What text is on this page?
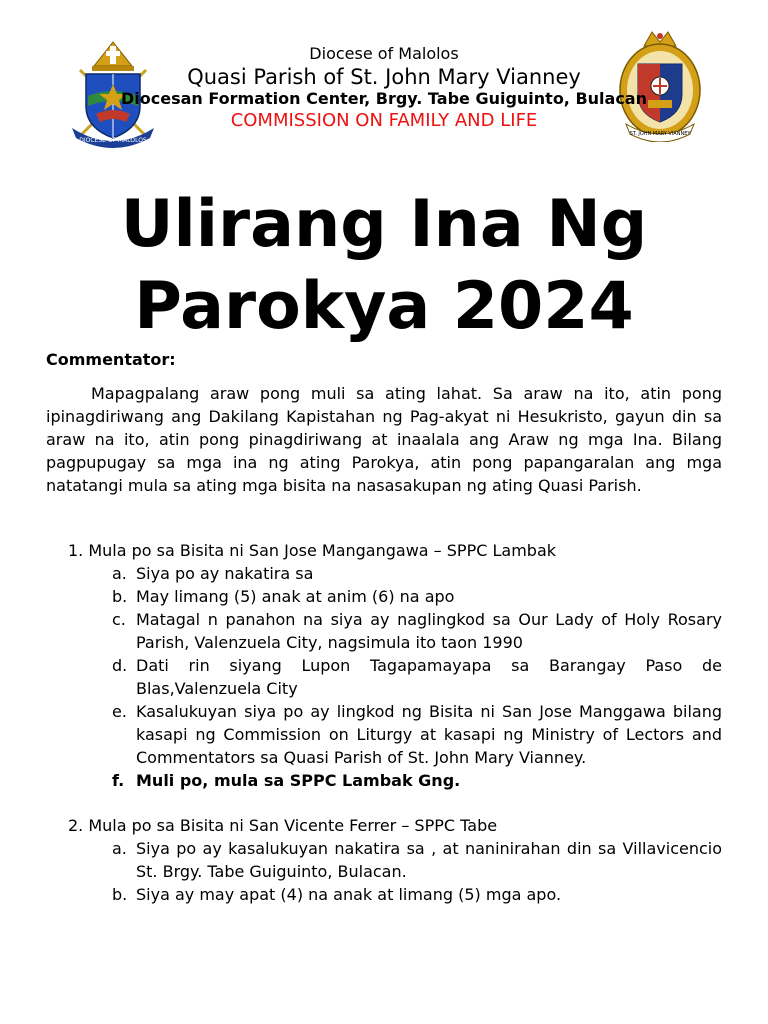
DIOCESE OF MALOLOS
ST. JOHN MARY VIANNEY
Diocese of Malolos
Quasi Parish of St. John Mary Vianney
Diocesan Formation Center, Brgy. Tabe Guiguinto, Bulacan
COMMISSION ON FAMILY AND LIFE
Ulirang Ina Ng
Parokya 2024

Commentator:

Mapagpalang araw pong muli sa ating lahat. Sa araw na ito, atin pong ipinagdiriwang ang Dakilang Kapistahan ng Pag-akyat ni Hesukristo, gayun din sa araw na ito, atin pong pinagdiriwang at inaalala ang Araw ng mga Ina. Bilang pagpupugay sa mga ina ng ating Parokya, atin pong papangaralan ang mga natatangi mula sa ating mga bisita na nasasakupan ng ating Quasi Parish.

1. Mula po sa Bisita ni San Jose Mangangawa – SPPC Lambak
a. Siya po ay nakatira sa
b. May limang (5) anak at anim (6) na apo
c. Matagal n panahon na siya ay naglingkod sa Our Lady of Holy Rosary Parish, Valenzuela City, nagsimula ito taon 1990
d. Dati rin siyang Lupon Tagapamayapa sa Barangay Paso de Blas,Valenzuela City
e. Kasalukuyan siya po ay lingkod ng Bisita ni San Jose Manggawa bilang kasapi ng Commission on Liturgy at kasapi ng Ministry of Lectors and Commentators sa Quasi Parish of St. John Mary Vianney.
f. Muli po, mula sa SPPC Lambak Gng.
2. Mula po sa Bisita ni San Vicente Ferrer – SPPC Tabe
a. Siya po ay kasalukuyan nakatira sa , at naninirahan din sa Villavicencio St. Brgy. Tabe Guiguinto, Bulacan.
b. Siya ay may apat (4) na anak at limang (5) mga apo.
